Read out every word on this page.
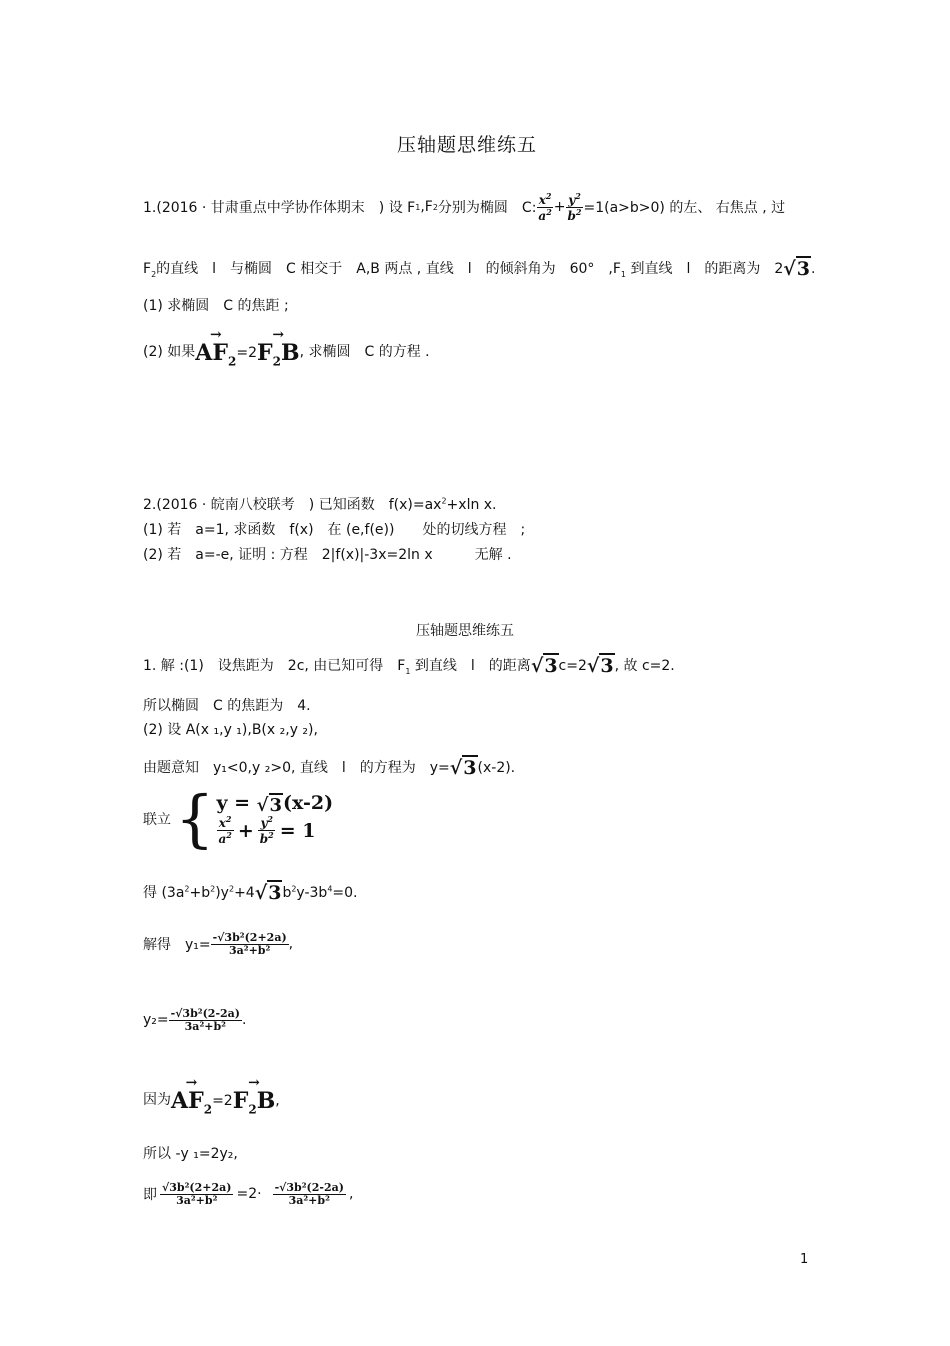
压轴题思维练五
1.(2016 · 甘肃重点中学协作体期末　) 设 F 1 ,F 2 分别为椭圆　C: $\frac{x^2}{a^2} + \frac{y^2}{b^2} =1(a>b>0)$ 的左、 右焦点 , 过
$F_2$的直线　l　与椭圆　C 相交于　A,B 两点 , 直线　l　的倾斜角为　60°　$,F_1$ 到直线　l　的距离为　2√3.
(1) 求椭圆　C 的焦距 ;
(2) 如果
→ $AF_2 =2$
→ $F_2B$ , 求椭圆　C 的方程 .
2.(2016 · 皖南八校联考　) 已知函数　$f(x)=ax^2+xln$ x.
(1) 若　a=1, 求函数　f(x)　在 (e,f(e))　　处的切线方程　;
(2) 若　a=-e, 证明 : 方程　2|f(x)|-3x=2ln x　　　无解 .
压轴题思维练五
1. 解 :(1)　设焦距为　2c, 由已知可得　$F_1$ 到直线　l　的距离√3c=2√3, 故 c=2.
所以椭圆　C 的焦距为　4.
(2) 设 A(x ₁,y ₁),B(x ₂,y ₂),
由题意知　y₁<0,y ₂>0, 直线　l　的方程为　y=√3(x-2).
联立 { y = √3(x-2)
$\frac{x^2}{a^2} + \frac{y^2}{b^2} = 1$
得 $(3a^2+b^2)y^2+4√3b^2y-3b^4=0$.
解得　$y_1= \frac{\text{-√3b²(2+2a)}}{\text{3a²+b²}}$ ,
$y_2= \frac{\text{-√3b²(2-2a)}}{\text{3a²+b²}}$ .
因为
→ $AF_2 =2$
→ $F_2B$ ,
所以 -y ₁=2y₂,
即 $\frac{\text{√3b²(2+2a)}}{\text{3a²+b²}} =2\cdot \frac{\text{-√3b²(2-2a)}}{\text{3a²+b²}}$ ,
1
